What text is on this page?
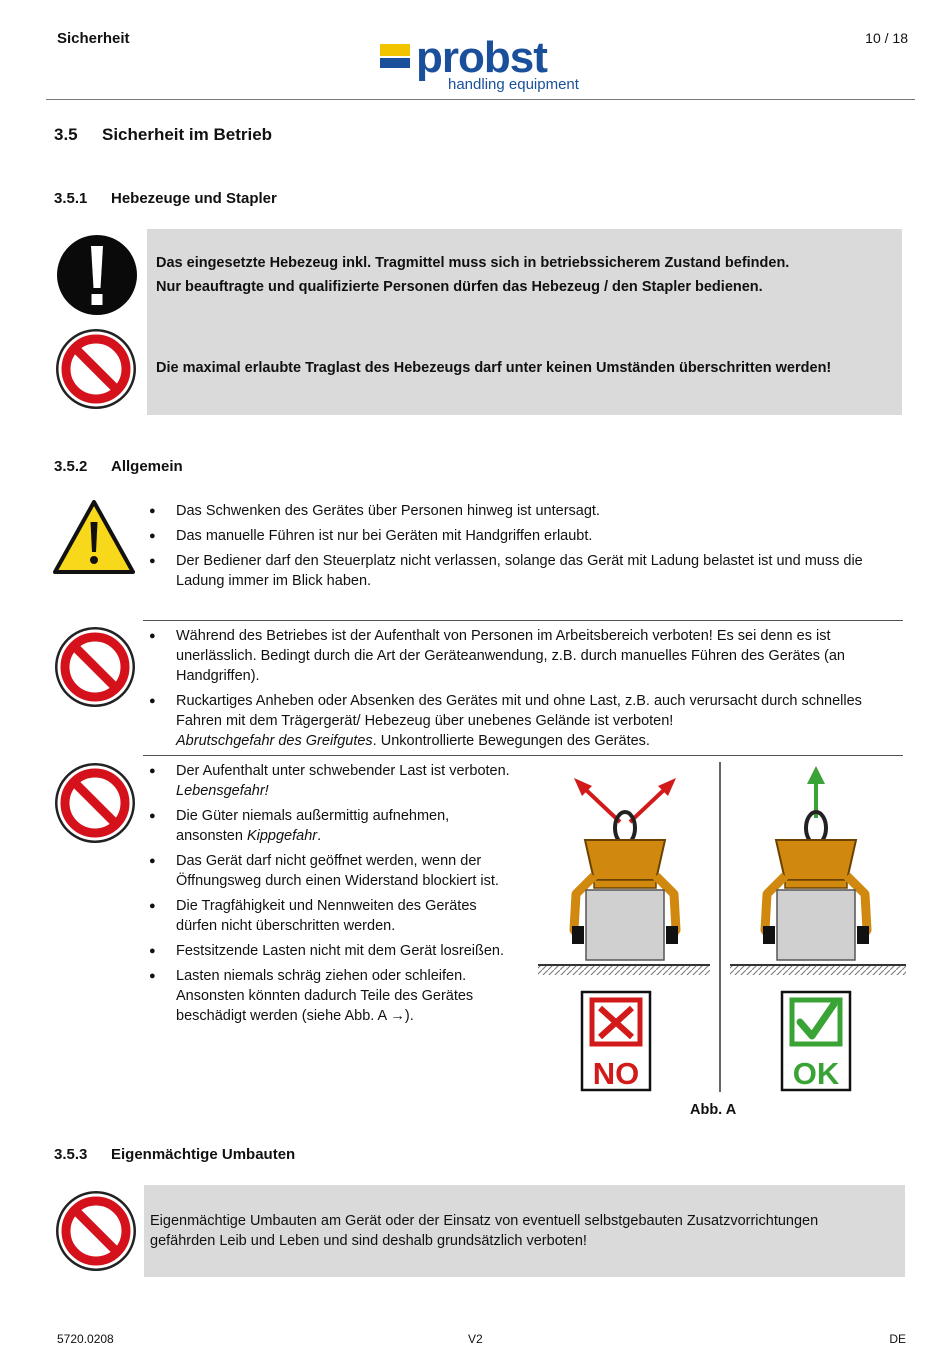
Sicherheit	10 / 18
probst
handling equipment
3.5 Sicherheit im Betrieb
3.5.1 Hebezeuge und Stapler
Das eingesetzte Hebezeug inkl. Tragmittel muss sich in betriebssicherem Zustand befinden.
Nur beauftragte und qualifizierte Personen dürfen das Hebezeug / den Stapler bedienen.
Die maximal erlaubte Traglast des Hebezeugs darf unter keinen Umständen überschritten werden!
3.5.2 Allgemein
● Das Schwenken des Gerätes über Personen hinweg ist untersagt.
● Das manuelle Führen ist nur bei Geräten mit Handgriffen erlaubt.
● Der Bediener darf den Steuerplatz nicht verlassen, solange das Gerät mit Ladung belastet ist und muss die Ladung immer im Blick haben.
● Während des Betriebes ist der Aufenthalt von Personen im Arbeitsbereich verboten! Es sei denn es ist unerlässlich. Bedingt durch die Art der Geräteanwendung, z.B. durch manuelles Führen des Gerätes (an Handgriffen).
● Ruckartiges Anheben oder Absenken des Gerätes mit und ohne Last, z.B. auch verursacht durch schnelles Fahren mit dem Trägergerät/ Hebezeug über unebenes Gelände ist verboten!
Abrutschgefahr des Greifgutes. Unkontrollierte Bewegungen des Gerätes.
● Der Aufenthalt unter schwebender Last ist verboten. Lebensgefahr!
● Die Güter niemals außermittig aufnehmen, ansonsten Kippgefahr.
● Das Gerät darf nicht geöffnet werden, wenn der Öffnungsweg durch einen Widerstand blockiert ist.
● Die Tragfähigkeit und Nennweiten des Gerätes dürfen nicht überschritten werden.
● Festsitzende Lasten nicht mit dem Gerät losreißen.
● Lasten niemals schräg ziehen oder schleifen. Ansonsten könnten dadurch Teile des Gerätes beschädigt werden (siehe Abb. A →).
NO	OK
Abb. A
3.5.3 Eigenmächtige Umbauten
Eigenmächtige Umbauten am Gerät oder der Einsatz von eventuell selbstgebauten Zusatzvorrichtungen gefährden Leib und Leben und sind deshalb grundsätzlich verboten!
5720.0208	V2	DE
